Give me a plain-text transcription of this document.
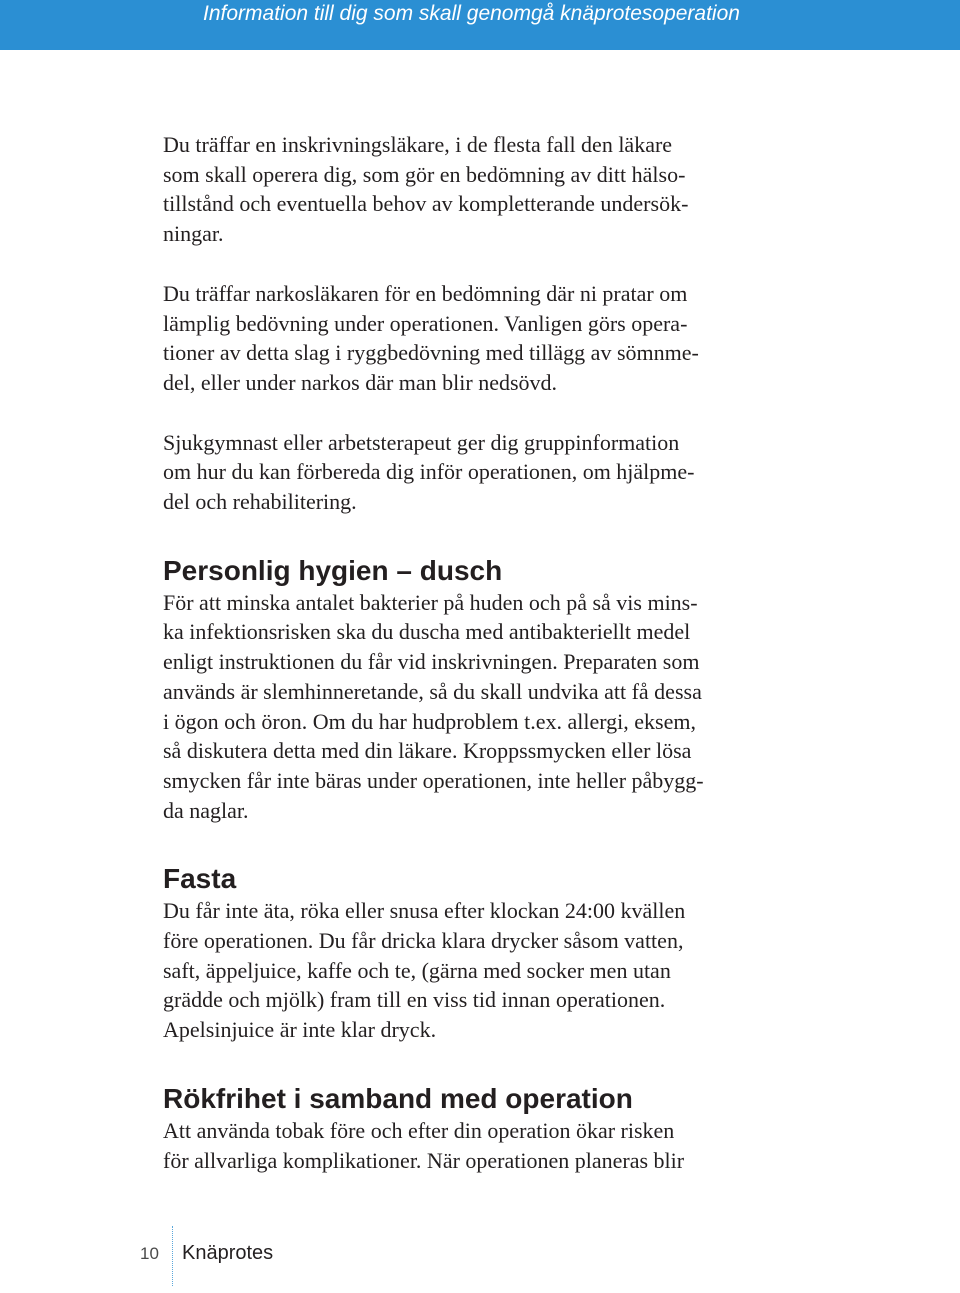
Information till dig som skall genomgå knäprotesoperation

Du träffar en inskrivningsläkare, i de flesta fall den läkare
som skall operera dig, som gör en bedömning av ditt hälso-
tillstånd och eventuella behov av kompletterande undersök-
ningar.

Du träffar narkosläkaren för en bedömning där ni pratar om
lämplig bedövning under operationen. Vanligen görs opera-
tioner av detta slag i ryggbedövning med tillägg av sömnme-
del, eller under narkos där man blir nedsövd.

Sjukgymnast eller arbetsterapeut ger dig gruppinformation
om hur du kan förbereda dig inför operationen, om hjälpme-
del och rehabilitering.

Personlig hygien – dusch

För att minska antalet bakterier på huden och på så vis mins-
ka infektionsrisken ska du duscha med antibakteriellt medel
enligt instruktionen du får vid inskrivningen. Preparaten som
används är slemhinneretande, så du skall undvika att få dessa
i ögon och öron. Om du har hudproblem t.ex. allergi, eksem,
så diskutera detta med din läkare. Kroppssmycken eller lösa
smycken får inte bäras under operationen, inte heller påbygg-
da naglar.

Fasta

Du får inte äta, röka eller snusa efter klockan 24:00 kvällen
före operationen. Du får dricka klara drycker såsom vatten,
saft, äppeljuice, kaffe och te, (gärna med socker men utan
grädde och mjölk) fram till en viss tid innan operationen.
Apelsinjuice är inte klar dryck.

Rökfrihet i samband med operation

Att använda tobak före och efter din operation ökar risken
för allvarliga komplikationer. När operationen planeras blir

10 Knäprotes
